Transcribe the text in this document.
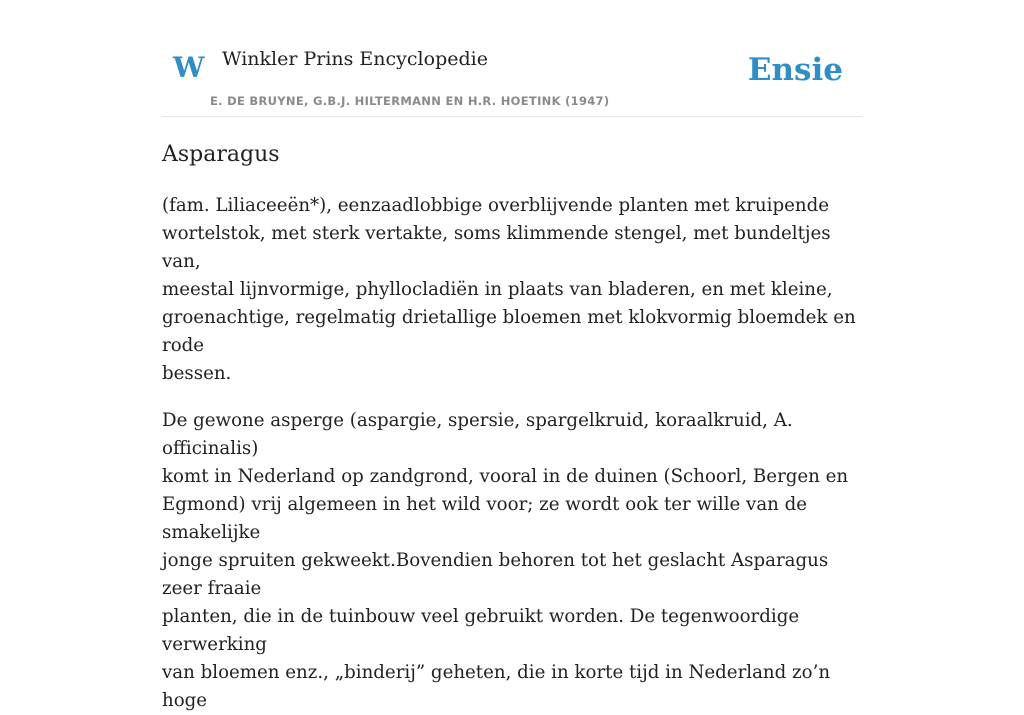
W Winkler Prins Encyclopedie
E. DE BRUYNE, G.B.J. HILTERMANN EN H.R. HOETINK (1947)
Ensie
Asparagus

(fam. Liliaceeën*), eenzaadlobbige overblijvende planten met kruipende
wortelstok, met sterk vertakte, soms klimmende stengel, met bundeltjes van,
meestal lijnvormige, phyllocladiën in plaats van bladeren, en met kleine,
groenachtige, regelmatig drietallige bloemen met klokvormig bloemdek en rode
bessen.

De gewone asperge (aspargie, spersie, spargelkruid, koraalkruid, A. officinalis)
komt in Nederland op zandgrond, vooral in de duinen (Schoorl, Bergen en
Egmond) vrij algemeen in het wild voor; ze wordt ook ter wille van de smakelijke
jonge spruiten gekweekt.Bovendien behoren tot het geslacht Asparagus zeer fraaie
planten, die in de tuinbouw veel gebruikt worden. De tegenwoordige verwerking
van bloemen enz., „binderij” geheten, die in korte tijd in Nederland zo’n hoge
